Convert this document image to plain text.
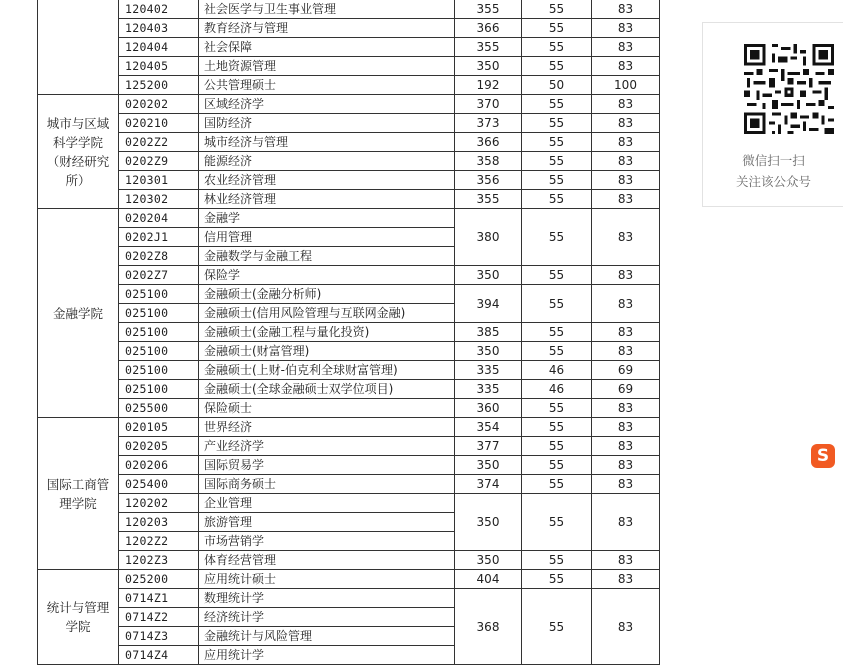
	120402	社会医学与卫生事业管理	355	55	83
	120403	教育经济与管理	366	55	83
	120404	社会保障	355	55	83
	120405	土地资源管理	350	55	83
	125200	公共管理硕士	192	50	100
城市与区域科学学院（财经研究所）	020202	区域经济学	370	55	83
	020210	国防经济	373	55	83
	0202Z2	城市经济与管理	366	55	83
	0202Z9	能源经济	358	55	83
	120301	农业经济管理	356	55	83
	120302	林业经济管理	355	55	83
金融学院	020204	金融学	380	55	83
	0202J1	信用管理			
	0202Z8	金融数学与金融工程			
	0202Z7	保险学	350	55	83
	025100	金融硕士(金融分析师)	394	55	83
	025100	金融硕士(信用风险管理与互联网金融)			
	025100	金融硕士(金融工程与量化投资)	385	55	83
	025100	金融硕士(财富管理)	350	55	83
	025100	金融硕士(上财-伯克利全球财富管理)	335	46	69
	025100	金融硕士(全球金融硕士双学位项目)	335	46	69
	025500	保险硕士	360	55	83
国际工商管理学院	020105	世界经济	354	55	83
	020205	产业经济学	377	55	83
	020206	国际贸易学	350	55	83
	025400	国际商务硕士	374	55	83
	120202	企业管理	350	55	83
	120203	旅游管理			
	1202Z2	市场营销学			
	1202Z3	体育经营管理	350	55	83
统计与管理学院	025200	应用统计硕士	404	55	83
	0714Z1	数理统计学	368	55	83
	0714Z2	经济统计学			
	0714Z3	金融统计与风险管理			
	0714Z4	应用统计学			
微信扫一扫
关注该公众号
S
